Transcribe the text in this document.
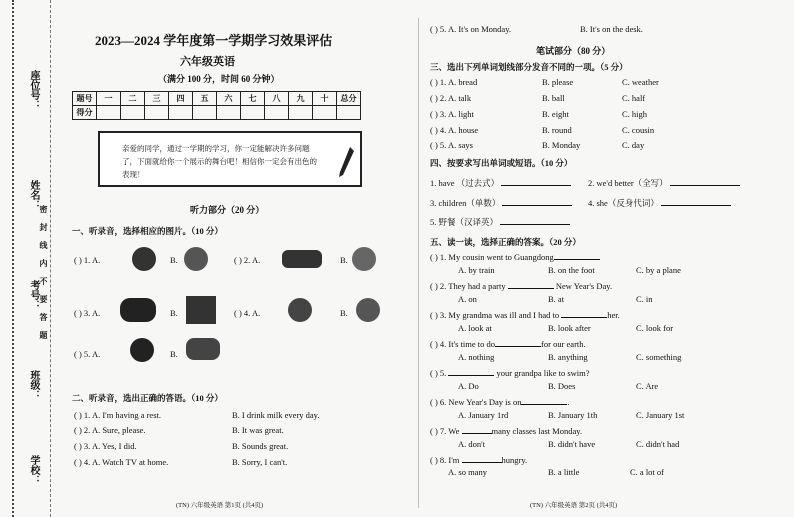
座位号：
姓名：
考号：
班级：
学校：
密
封
线
内
不
要
答
题
2023—2024 学年度第一学期学习效果评估
六年级英语
（满分 100 分，时间 60 分钟）
题号	一	二	三	四	五	六	七	八	九	十	总分
得分											
亲爱的同学，通过一学期的学习，你一定能解决许多问题了，下面就给你一个展示的舞台吧！相信你一定会有出色的表现！
听力部分（20 分）
一、听录音，选择相应的图片。（10 分）
( ) 1. A.	B.	( ) 2. A.	B.
( ) 3. A.	B.	( ) 4. A.	B.
( ) 5. A.	B.
二、听录音，选出正确的答语。（10 分）
( ) 1. A. I'm having a rest.	B. I drink milk every day.
( ) 2. A. Sure, please.	B. It was great.
( ) 3. A. Yes, I did.	B. Sounds great.
( ) 4. A. Watch TV at home.	B. Sorry, I can't.
(TN) 六年级英语 第1页 (共4页)
( ) 5. A. It's on Monday.	B. It's on the desk.
笔试部分（80 分）
三、选出下列单词划线部分发音不同的一项。（5 分）
( ) 1. A. bread	B. please	C. weather
( ) 2. A. talk	B. ball	C. half
( ) 3. A. light	B. eight	C. high
( ) 4. A. house	B. round	C. cousin
( ) 5. A. says	B. Monday	C. day
四、按要求写出单词或短语。（10 分）
1. have （过去式）	2. we'd better（全写）
3. children（单数）	4. she（反身代词）
5. 野餐（汉译英）
五、读一读，选择正确的答案。（20 分）
( ) 1. My cousin went to Guangdong
A. by train	B. on the foot	C. by a plane
( ) 2. They had a party	New Year's Day.
A. on	B. at	C. in
( ) 3. My grandma was ill and I had to	her.
A. look at	B. look after	C. look for
( ) 4. It's time to do	for our earth.
A. nothing	B. anything	C. something
( ) 5.	your grandpa like to swim?
A. Do	B. Does	C. Are
( ) 6. New Year's Day is on	.
A. January 1rd	B. January 1th	C. January 1st
( ) 7. We	many classes last Monday.
A. don't	B. didn't have	C. didn't had
( ) 8. I'm	hungry.
A. so many	B. a little	C. a lot of
(TN) 六年级英语 第2页 (共4页)
